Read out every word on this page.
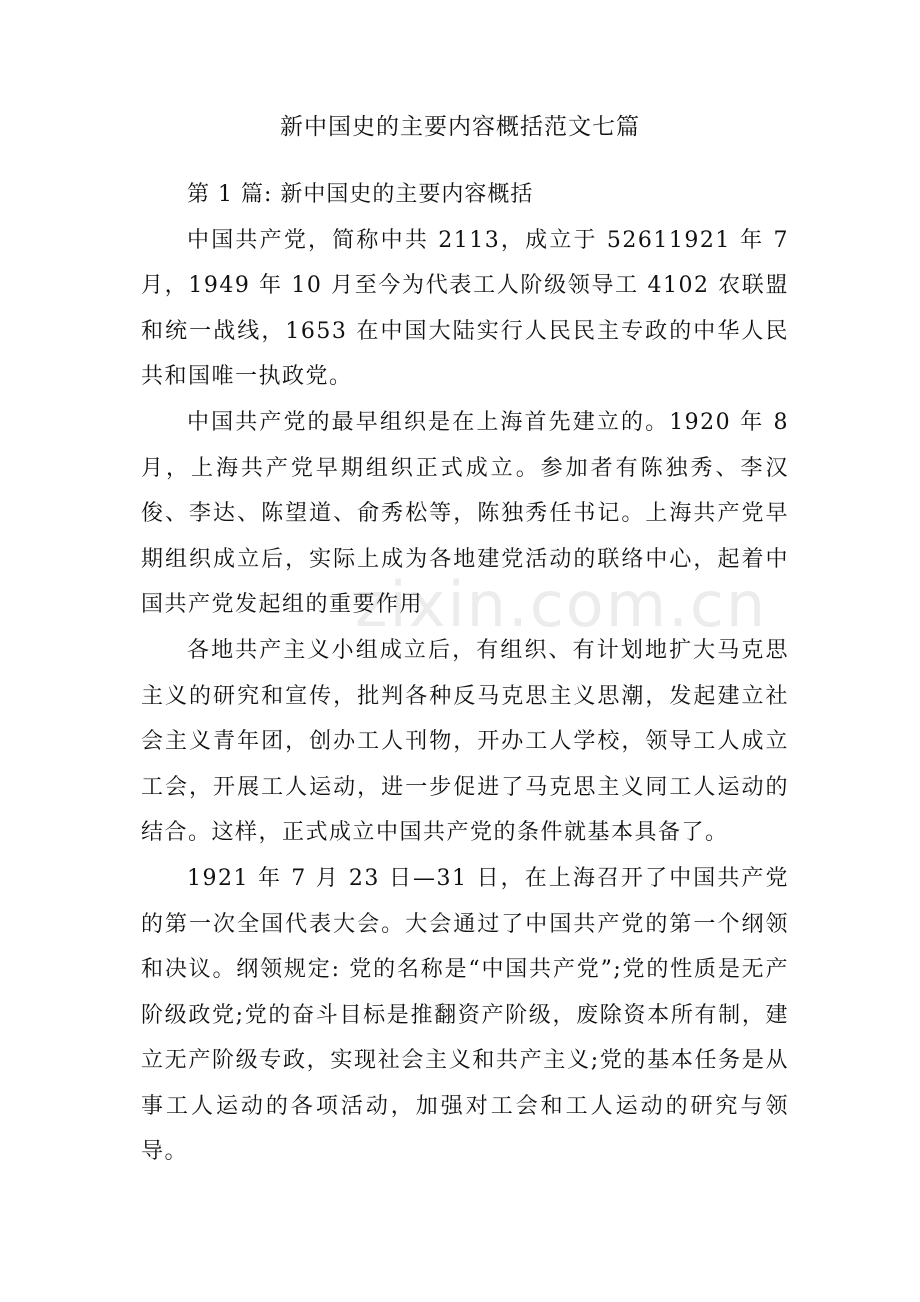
新中国史的主要内容概括范文七篇

第 1 篇: 新中国史的主要内容概括

中国共产党，简称中共 2113，成立于 52611921 年 7 月，1949 年 10 月至今为代表工人阶级领导工 4102 农联盟和统一战线，1653 在中国大陆实行人民民主专政的中华人民共和国唯一执政党。

中国共产党的最早组织是在上海首先建立的。1920 年 8 月，上海共产党早期组织正式成立。参加者有陈独秀、李汉俊、李达、陈望道、俞秀松等，陈独秀任书记。上海共产党早期组织成立后，实际上成为各地建党活动的联络中心，起着中国共产党发起组的重要作用

各地共产主义小组成立后，有组织、有计划地扩大马克思主义的研究和宣传，批判各种反马克思主义思潮，发起建立社会主义青年团，创办工人刊物，开办工人学校，领导工人成立工会，开展工人运动，进一步促进了马克思主义同工人运动的结合。这样，正式成立中国共产党的条件就基本具备了。

1921 年 7 月 23 日—31 日，在上海召开了中国共产党的第一次全国代表大会。大会通过了中国共产党的第一个纲领和决议。纲领规定: 党的名称是“中国共产党”;党的性质是无产阶级政党;党的奋斗目标是推翻资产阶级，废除资本所有制，建立无产阶级专政，实现社会主义和共产主义;党的基本任务是从事工人运动的各项活动，加强对工会和工人运动的研究与领导。

zixin.com.cn
